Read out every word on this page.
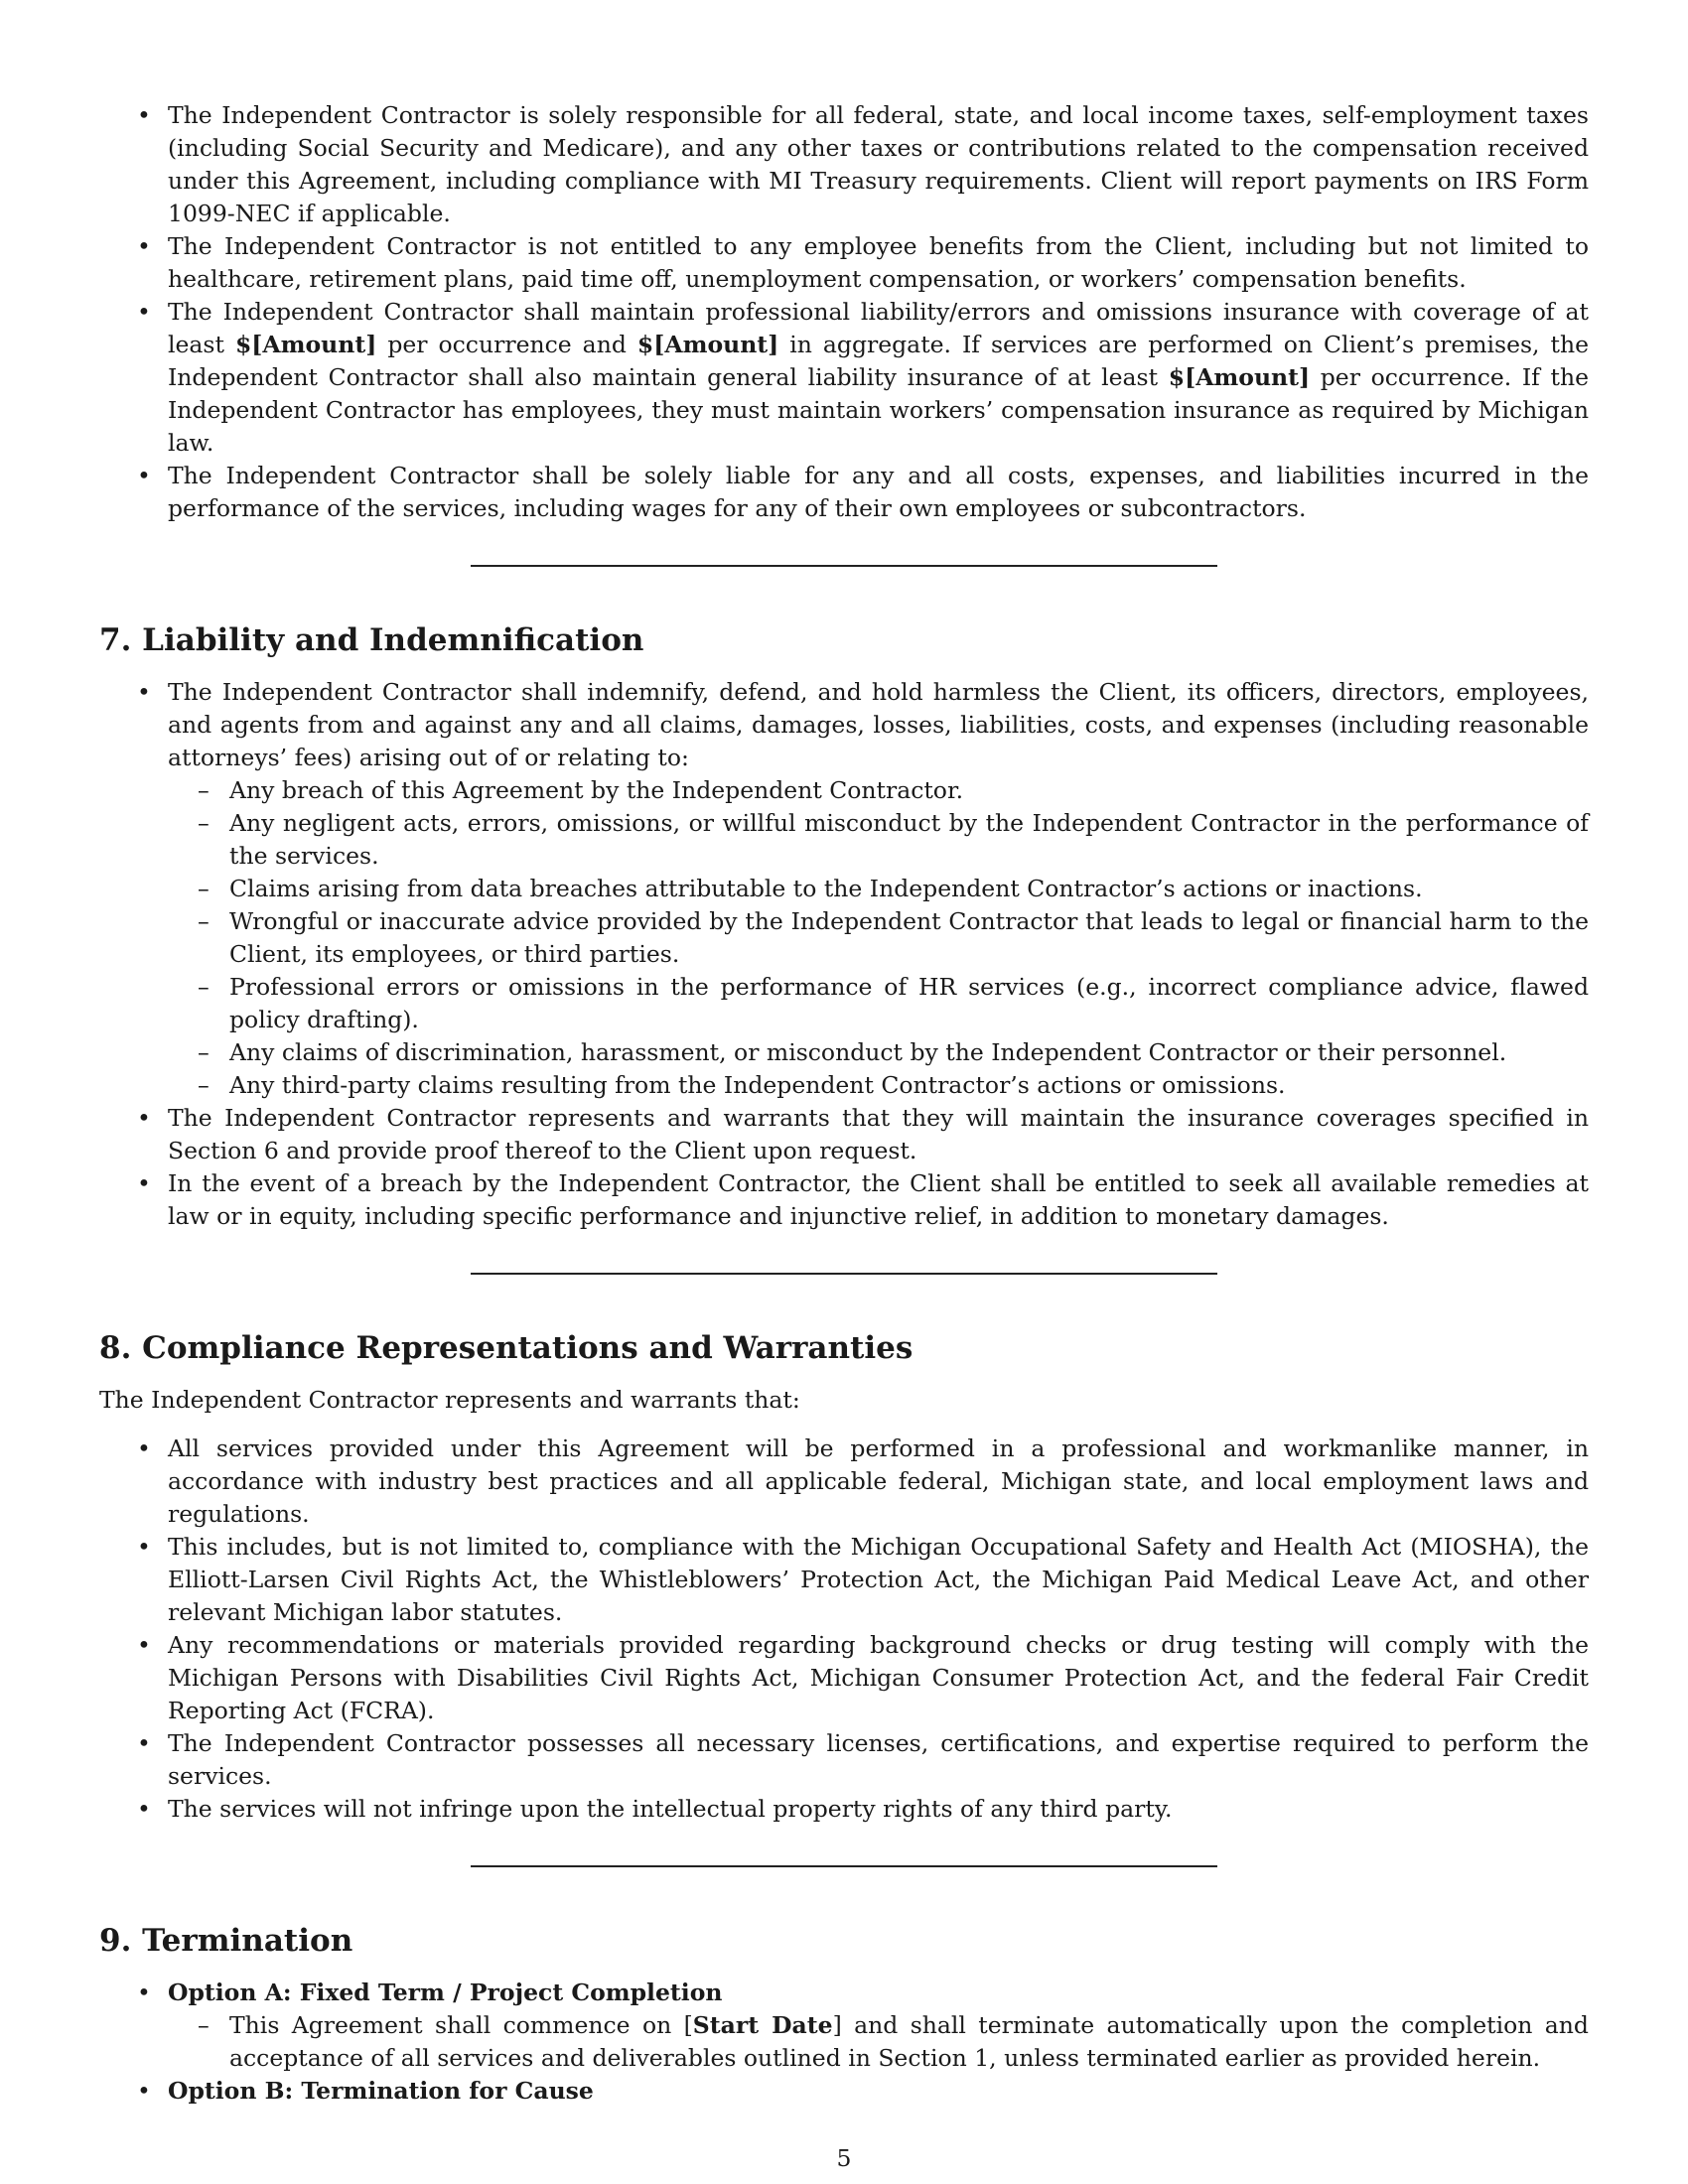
• The Independent Contractor is solely responsible for all federal, state, and local income taxes, self-employment taxes (including Social Security and Medicare), and any other taxes or contributions related to the compensation received under this Agreement, including compliance with MI Treasury requirements. Client will report payments on IRS Form 1099-NEC if applicable.
• The Independent Contractor is not entitled to any employee benefits from the Client, including but not limited to healthcare, retirement plans, paid time off, unemployment compensation, or workers’ compensation benefits.
• The Independent Contractor shall maintain professional liability/errors and omissions insurance with coverage of at least $[Amount] per occurrence and $[Amount] in aggregate. If services are performed on Client’s premises, the Independent Contractor shall also maintain general liability insurance of at least $[Amount] per occurrence. If the Independent Contractor has employees, they must maintain workers’ compensation insurance as required by Michigan law.
• The Independent Contractor shall be solely liable for any and all costs, expenses, and liabilities incurred in the performance of the services, including wages for any of their own employees or subcontractors.
7. Liability and Indemnification
• The Independent Contractor shall indemnify, defend, and hold harmless the Client, its officers, directors, employees, and agents from and against any and all claims, damages, losses, liabilities, costs, and expenses (including reasonable attorneys’ fees) arising out of or relating to:
– Any breach of this Agreement by the Independent Contractor.
– Any negligent acts, errors, omissions, or willful misconduct by the Independent Contractor in the performance of the services.
– Claims arising from data breaches attributable to the Independent Contractor’s actions or inactions.
– Wrongful or inaccurate advice provided by the Independent Contractor that leads to legal or financial harm to the Client, its employees, or third parties.
– Professional errors or omissions in the performance of HR services (e.g., incorrect compliance advice, flawed policy drafting).
– Any claims of discrimination, harassment, or misconduct by the Independent Contractor or their personnel.
– Any third-party claims resulting from the Independent Contractor’s actions or omissions.
• The Independent Contractor represents and warrants that they will maintain the insurance coverages specified in Section 6 and provide proof thereof to the Client upon request.
• In the event of a breach by the Independent Contractor, the Client shall be entitled to seek all available remedies at law or in equity, including specific performance and injunctive relief, in addition to monetary damages.
8. Compliance Representations and Warranties

The Independent Contractor represents and warrants that:

• All services provided under this Agreement will be performed in a professional and workmanlike manner, in accordance with industry best practices and all applicable federal, Michigan state, and local employment laws and regulations.
• This includes, but is not limited to, compliance with the Michigan Occupational Safety and Health Act (MIOSHA), the Elliott-Larsen Civil Rights Act, the Whistleblowers’ Protection Act, the Michigan Paid Medical Leave Act, and other relevant Michigan labor statutes.
• Any recommendations or materials provided regarding background checks or drug testing will comply with the Michigan Persons with Disabilities Civil Rights Act, Michigan Consumer Protection Act, and the federal Fair Credit Reporting Act (FCRA).
• The Independent Contractor possesses all necessary licenses, certifications, and expertise required to perform the services.
• The services will not infringe upon the intellectual property rights of any third party.
9. Termination
• Option A: Fixed Term / Project Completion
– This Agreement shall commence on [Start Date] and shall terminate automatically upon the completion and acceptance of all services and deliverables outlined in Section 1, unless terminated earlier as provided herein.
• Option B: Termination for Cause
5
